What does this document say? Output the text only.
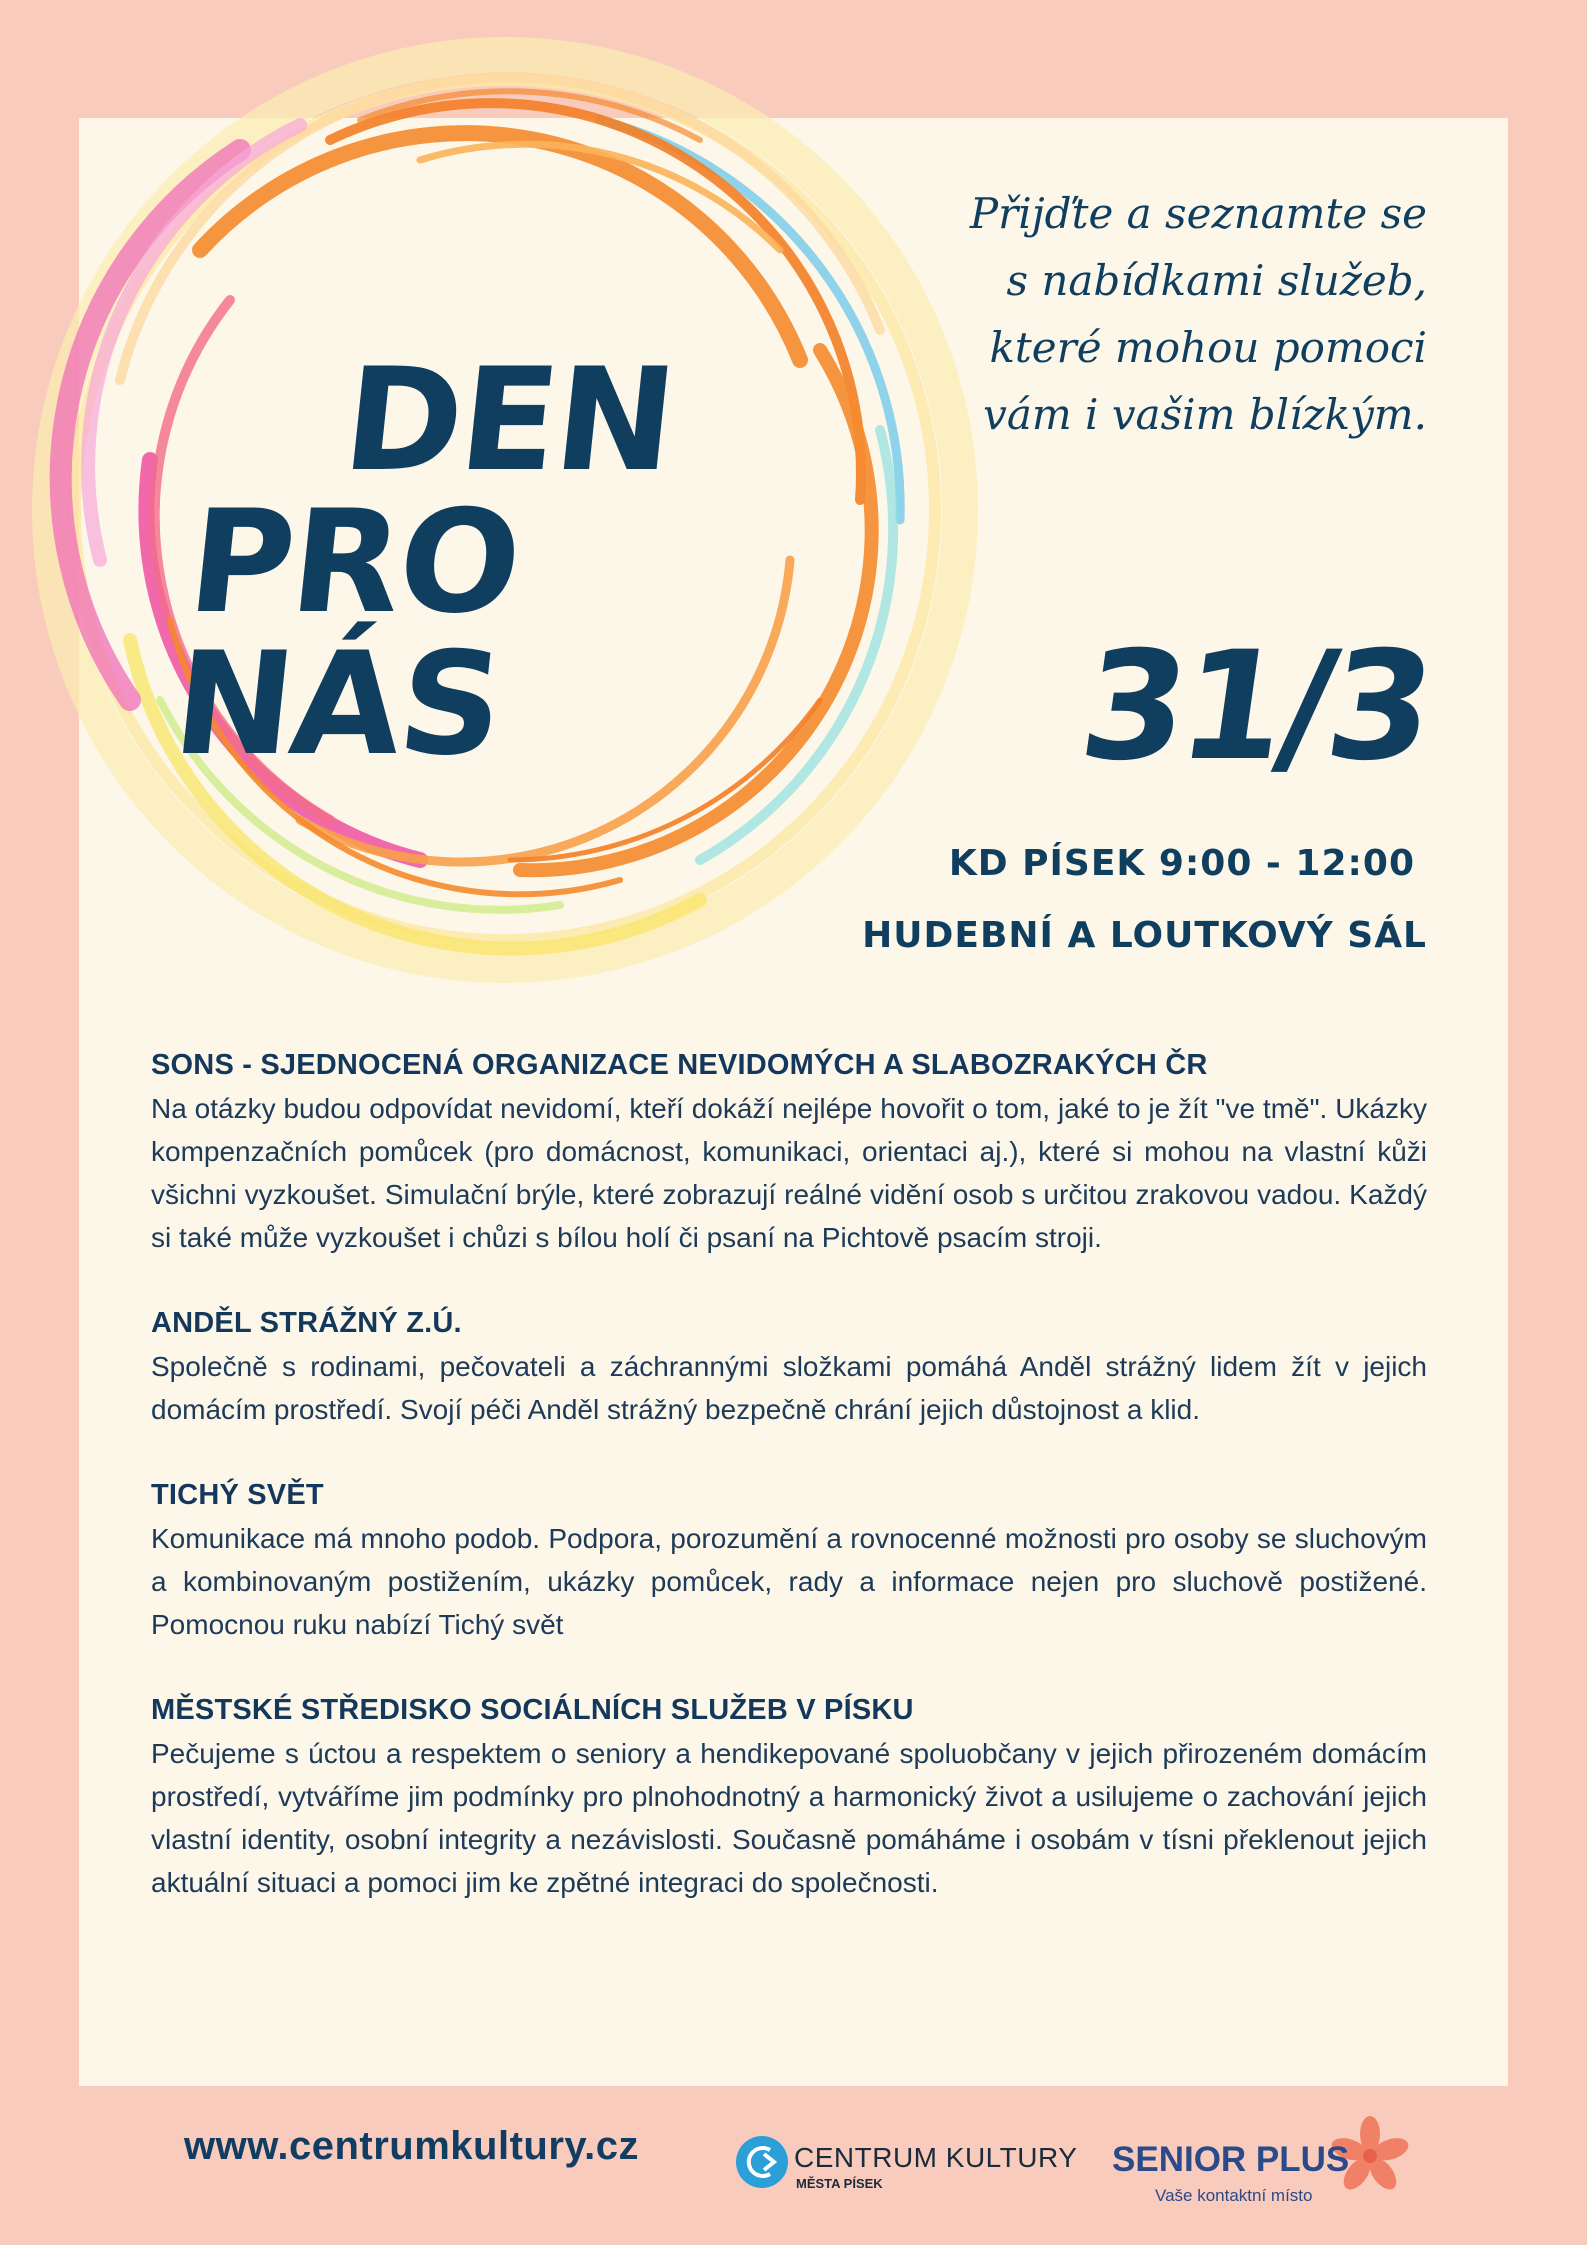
DEN
PRO NÁS
Přijďte a seznamte se
s nabídkami služeb,
které mohou pomoci
vám i vašim blízkým.
31/3
KD PÍSEK 9:00 - 12:00
HUDEBNÍ A LOUTKOVÝ SÁL
SONS - SJEDNOCENÁ ORGANIZACE NEVIDOMÝCH A SLABOZRAKÝCH ČR

Na otázky budou odpovídat nevidomí, kteří dokáží nejlépe hovořit o tom, jaké to je žít "ve tmě". Ukázky kompenzačních pomůcek (pro domácnost, komunikaci, orientaci aj.), které si mohou na vlastní kůži všichni vyzkoušet. Simulační brýle, které zobrazují reálné vidění osob s určitou zrakovou vadou. Každý si také může vyzkoušet i chůzi s bílou holí či psaní na Pichtově psacím stroji.

ANDĚL STRÁŽNÝ Z.Ú.

Společně s rodinami, pečovateli a záchrannými složkami pomáhá Anděl strážný lidem žít v jejich domácím prostředí. Svojí péči Anděl strážný bezpečně chrání jejich důstojnost a klid.

TICHÝ SVĚT

Komunikace má mnoho podob. Podpora, porozumění a rovnocenné možnosti pro osoby se sluchovým a kombinovaným postižením, ukázky pomůcek, rady a informace nejen pro sluchově postižené. Pomocnou ruku nabízí Tichý svět

MĚSTSKÉ STŘEDISKO SOCIÁLNÍCH SLUŽEB V PÍSKU

Pečujeme s úctou a respektem o seniory a hendikepované spoluobčany v jejich přirozeném domácím prostředí, vytváříme jim podmínky pro plnohodnotný a harmonický život a usilujeme o zachování jejich vlastní identity, osobní integrity a nezávislosti. Současně pomáháme i osobám v tísni překlenout jejich aktuální situaci a pomoci jim ke zpětné integraci do společnosti.

www.centrumkultury.cz	CENTRUM KULTURY
MĚSTA PÍSEK
SENIOR PLUS
Vaše kontaktní místo
